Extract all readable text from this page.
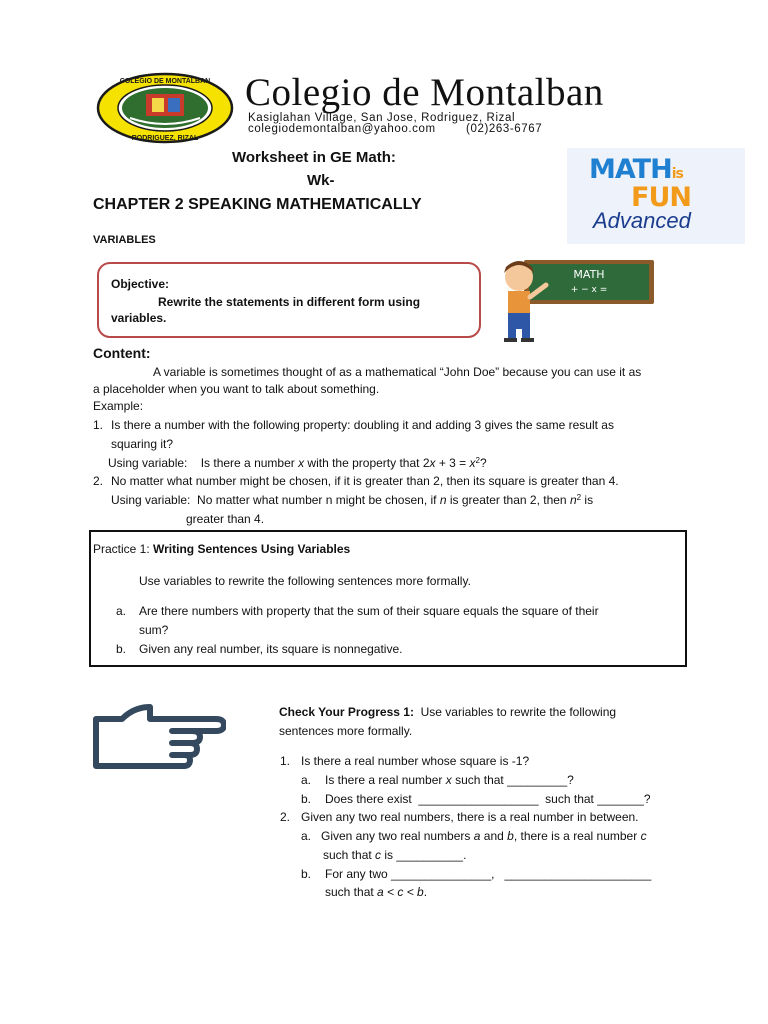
COLEGIO DE MONTALBAN
RODRIGUEZ, RIZAL
Colegio de Montalban
Kasiglahan Village, San Jose, Rodriguez, Rizal
colegiodemontalban@yahoo.com        (02)263-6767
Worksheet in GE Math:
Wk-
CHAPTER 2 SPEAKING MATHEMATICALLY
VARIABLES
MATHis
FUN
Advanced
Objective:
Rewrite the statements in different form using
variables.
MATH
+ − x =
Content:
A variable is sometimes thought of as a mathematical “John Doe” because you can use it as
a placeholder when you want to talk about something.
Example:
1. Is there a number with the following property: doubling it and adding 3 gives the same result as
squaring it?
Using variable:    Is there a number x with the property that $2x + 3 = x^2$?
2. No matter what number might be chosen, if it is greater than 2, then its square is greater than 4.
Using variable:  No matter what number n might be chosen, if n is greater than 2, then $n^2$ is
greater than 4.
Practice 1: Writing Sentences Using Variables
Use variables to rewrite the following sentences more formally.
a. Are there numbers with property that the sum of their square equals the square of their
sum?
b. Given any real number, its square is nonnegative.
Check Your Progress 1:  Use variables to rewrite the following
sentences more formally.
1. Is there a real number whose square is -1?
a. Is there a real number x such that _________?
b. Does there exist  __________________  such that _______?
2. Given any two real numbers, there is a real number in between.
a. Given any two real numbers a and b, there is a real number c
such that c is __________.
b. For any two _______________,   ______________________
such that a < c < b.
